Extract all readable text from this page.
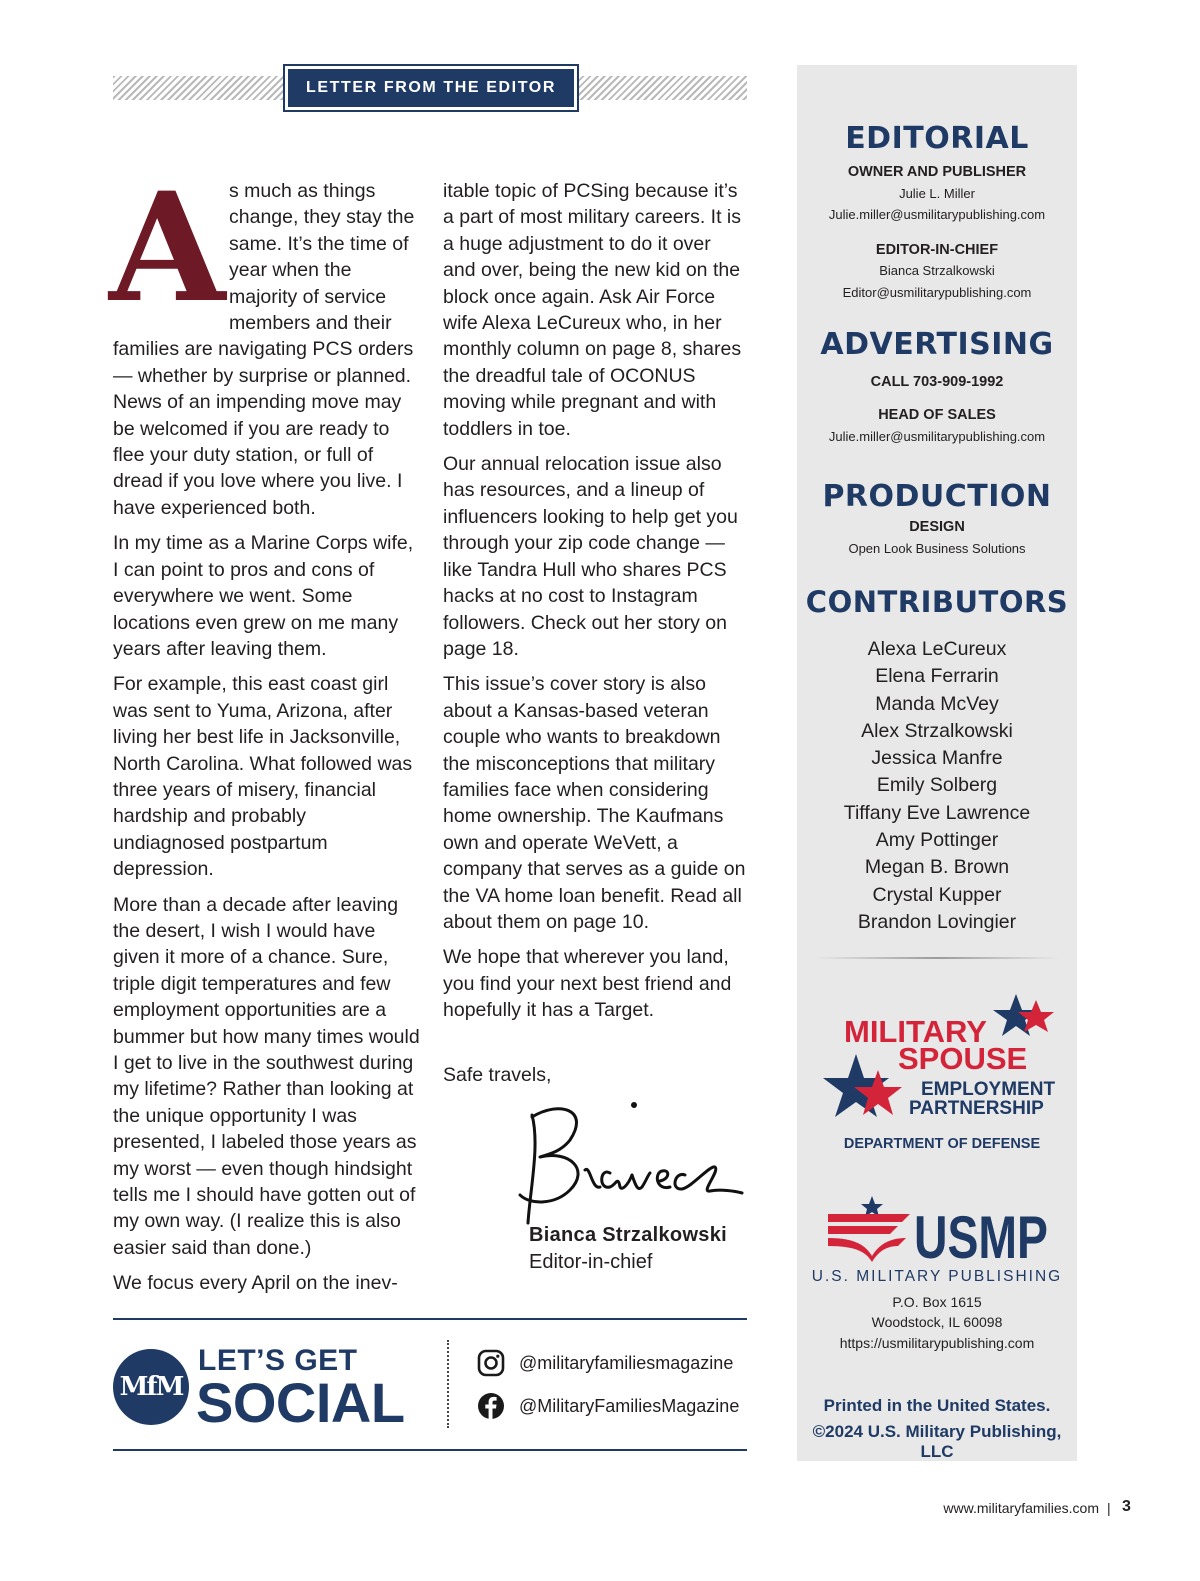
LETTER FROM THE EDITOR

As much as things change, they stay the same. It’s the time of year when the majority of service members and their families are navigating PCS orders — whether by surprise or planned. News of an impending move may be welcomed if you are ready to flee your duty station, or full of dread if you love where you live. I have experienced both.

In my time as a Marine Corps wife, I can point to pros and cons of everywhere we went. Some locations even grew on me many years after leaving them.

For example, this east coast girl was sent to Yuma, Arizona, after living her best life in Jacksonville, North Carolina. What followed was three years of misery, financial hardship and probably undiagnosed postpartum depression.

More than a decade after leaving the desert, I wish I would have given it more of a chance. Sure, triple digit temperatures and few employment opportunities are a bummer but how many times would I get to live in the southwest during my lifetime? Rather than looking at the unique opportunity I was presented, I labeled those years as my worst — even though hindsight tells me I should have gotten out of my own way. (I realize this is also easier said than done.)

We focus every April on the inev-

itable topic of PCSing because it’s a part of most military careers. It is a huge adjustment to do it over and over, being the new kid on the block once again. Ask Air Force wife Alexa LeCureux who, in her monthly column on page 8, shares the dreadful tale of OCONUS moving while pregnant and with toddlers in toe.

Our annual relocation issue also has resources, and a lineup of influencers looking to help get you through your zip code change — like Tandra Hull who shares PCS hacks at no cost to Instagram followers. Check out her story on page 18.

This issue’s cover story is also about a Kansas-based veteran couple who wants to breakdown the misconceptions that military families face when considering home ownership. The Kaufmans own and operate WeVett, a company that serves as a guide on the VA home loan benefit. Read all about them on page 10.

We hope that wherever you land, you find your next best friend and hopefully it has a Target.

Safe travels,
Bianca Strzalkowski
Editor-in-chief
MfM
LET’S GET
SOCIAL
@militaryfamiliesmagazine
@MilitaryFamiliesMagazine
EDITORIAL
OWNER AND PUBLISHER
Julie L. Miller
Julie.miller@usmilitarypublishing.com
EDITOR-IN-CHIEF
Bianca Strzalkowski
Editor@usmilitarypublishing.com
ADVERTISING
CALL 703-909-1992
HEAD OF SALES
Julie.miller@usmilitarypublishing.com
PRODUCTION
DESIGN
Open Look Business Solutions
CONTRIBUTORS
Alexa LeCureux
Elena Ferrarin
Manda McVey
Alex Strzalkowski
Jessica Manfre
Emily Solberg
Tiffany Eve Lawrence
Amy Pottinger
Megan B. Brown
Crystal Kupper
Brandon Lovingier
MILITARY
SPOUSE
EMPLOYMENT
PARTNERSHIP
DEPARTMENT OF DEFENSE
USMP
U.S. MILITARY PUBLISHING
P.O. Box 1615
Woodstock, IL 60098
https://usmilitarypublishing.com
Printed in the United States.
©2024 U.S. Military Publishing, LLC
www.militaryfamilies.com | 3
